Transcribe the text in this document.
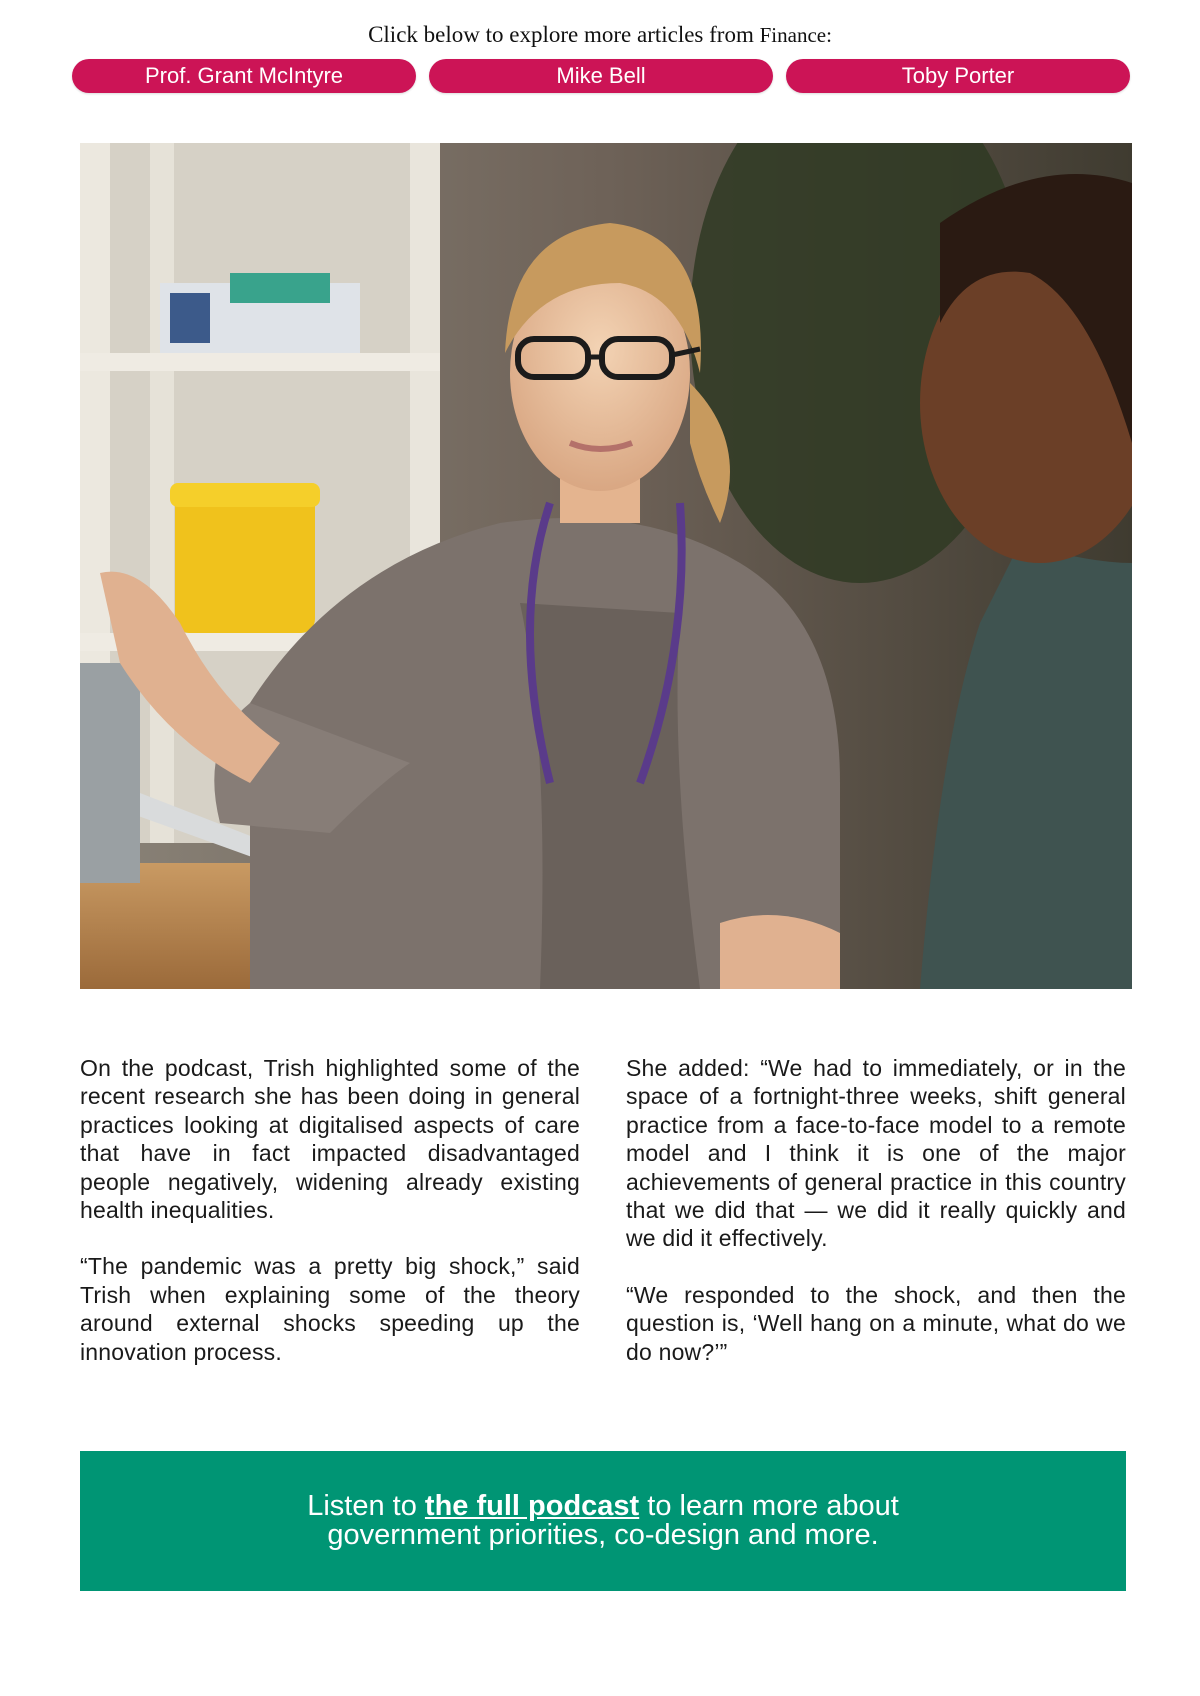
Click below to explore more articles from Finance:
Prof. Grant McIntyre	Mike Bell	Toby Porter

On the podcast, Trish highlighted some of the recent research she has been doing in general practices looking at digitalised aspects of care that have in fact impacted disadvantaged people negatively, widening already existing health inequalities.

“The pandemic was a pretty big shock,” said Trish when explaining some of the theory around external shocks speeding up the innovation process.

She added: “We had to immediately, or in the space of a fortnight-three weeks, shift general practice from a face-to-face model to a remote model and I think it is one of the major achievements of general practice in this country that we did that — we did it really quickly and we did it effectively.

“We responded to the shock, and then the question is, ‘Well hang on a minute, what do we do now?’”

Listen to the full podcast to learn more about government priorities, co-design and more.
